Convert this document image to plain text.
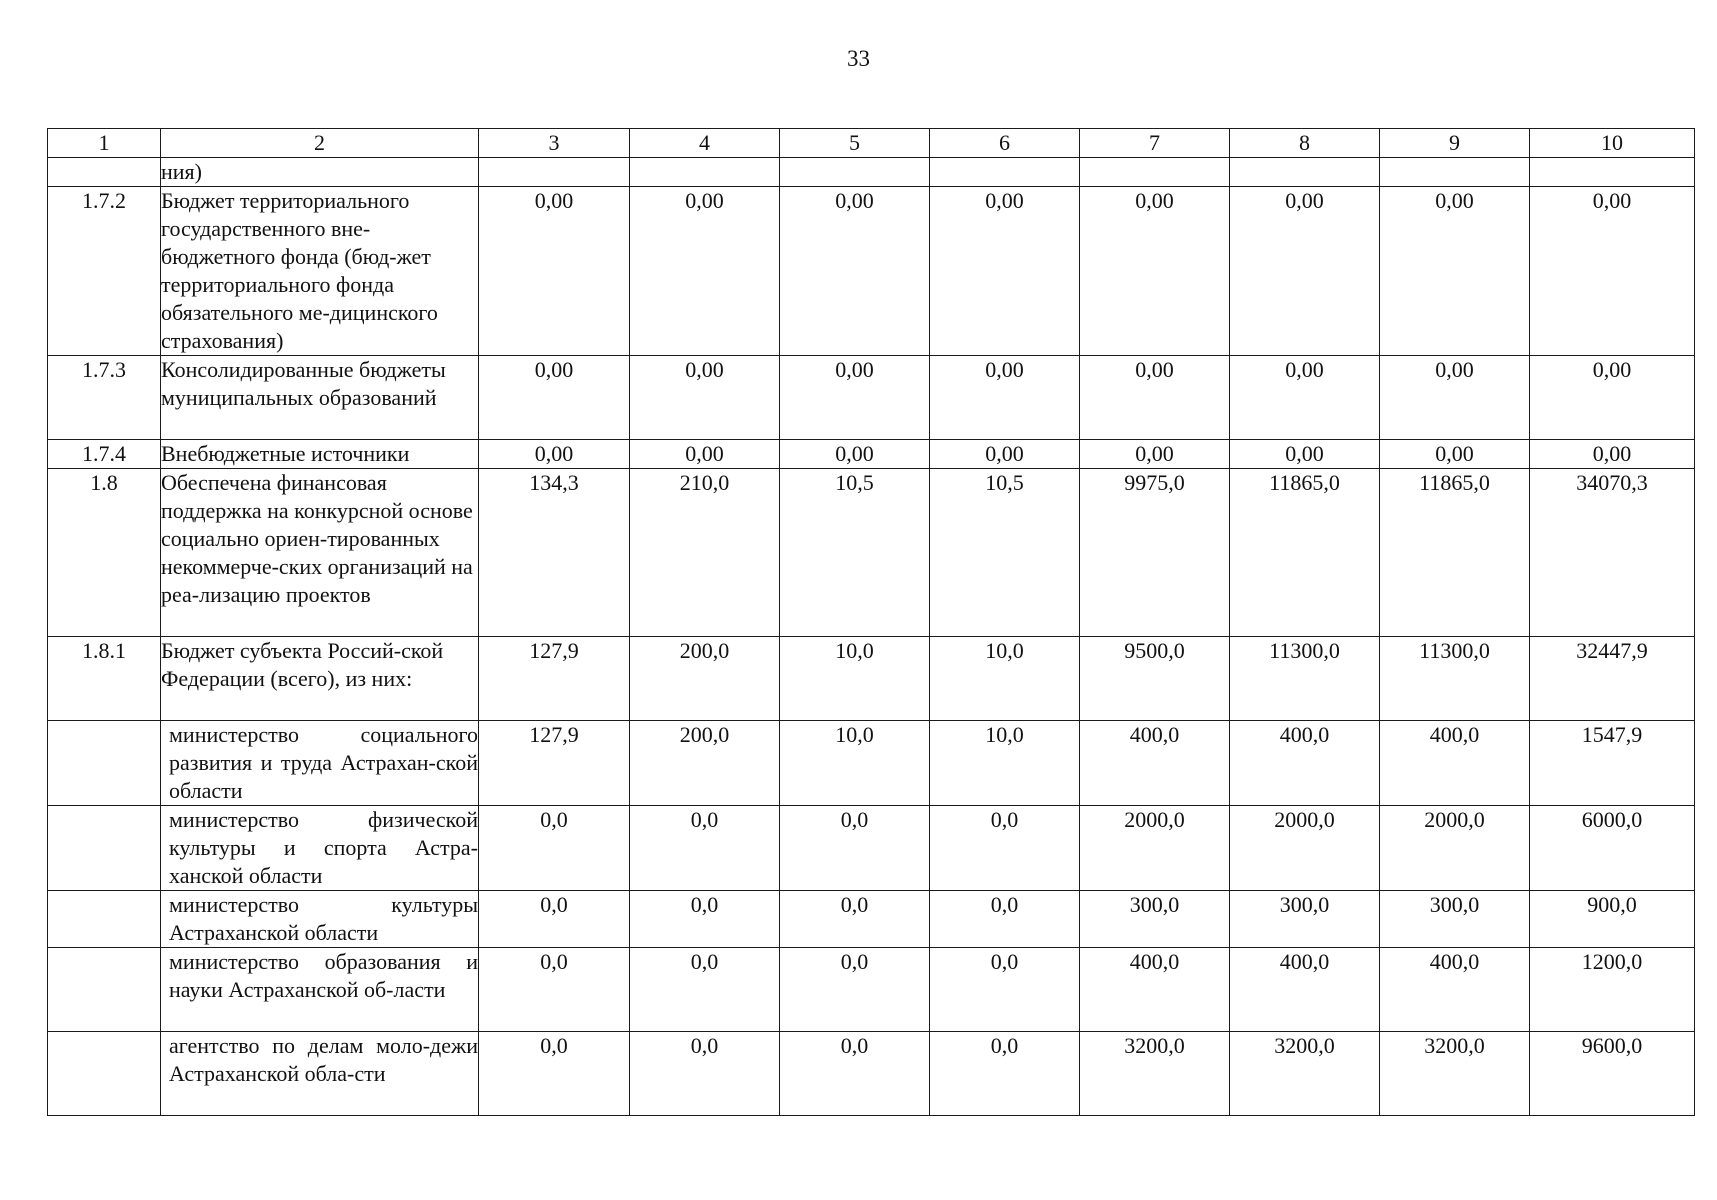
33
1	2	3	4	5	6	7	8	9	10
	ния)								
1.7.2	Бюджет территориального государственного вне-бюджетного фонда (бюд-жет территориального фонда обязательного ме-дицинского страхования)	0,00	0,00	0,00	0,00	0,00	0,00	0,00	0,00
1.7.3	Консолидированные бюджеты муниципальных образований	0,00	0,00	0,00	0,00	0,00	0,00	0,00	0,00
1.7.4	Внебюджетные источники	0,00	0,00	0,00	0,00	0,00	0,00	0,00	0,00
1.8	Обеспечена финансовая поддержка на конкурсной основе социально ориен-тированных некоммерче-ских организаций на реа-лизацию проектов	134,3	210,0	10,5	10,5	9975,0	11865,0	11865,0	34070,3
1.8.1	Бюджет субъекта Россий-ской Федерации (всего), из них:	127,9	200,0	10,0	10,0	9500,0	11300,0	11300,0	32447,9
	министерство социального развития и труда Астрахан-ской области	127,9	200,0	10,0	10,0	400,0	400,0	400,0	1547,9
	министерство физической культуры и спорта Астра-ханской области	0,0	0,0	0,0	0,0	2000,0	2000,0	2000,0	6000,0
	министерство культуры Астраханской области	0,0	0,0	0,0	0,0	300,0	300,0	300,0	900,0
	министерство образования и науки Астраханской об-ласти	0,0	0,0	0,0	0,0	400,0	400,0	400,0	1200,0
	агентство по делам моло-дежи Астраханской обла-сти	0,0	0,0	0,0	0,0	3200,0	3200,0	3200,0	9600,0
